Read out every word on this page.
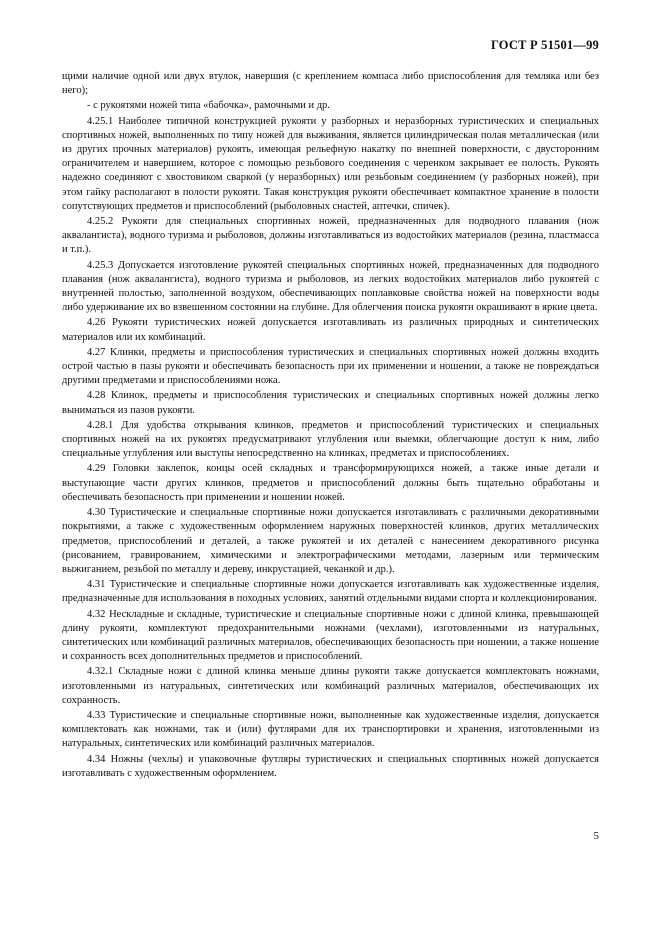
ГОСТ Р 51501—99

щими наличие одной или двух втулок, навершия (с креплением компаса либо приспособления для темляка или без него);

- с рукоятями ножей типа «бабочка», рамочными и др.

4.25.1 Наиболее типичной конструкцией рукояти у разборных и неразборных туристических и специальных спортивных ножей, выполненных по типу ножей для выживания, является цилиндрическая полая металлическая (или из других прочных материалов) рукоять, имеющая рельефную накатку по внешней поверхности, с двусторонним ограничителем и навершием, которое с помощью резьбового соединения с черенком закрывает ее полость. Рукоять надежно соединяют с хвостовиком сваркой (у неразборных) или резьбовым соединением (у разборных ножей), при этом гайку располагают в полости рукояти. Такая конструкция рукояти обеспечивает компактное хранение в полости сопутствующих предметов и приспособлений (рыболовных снастей, аптечки, спичек).

4.25.2 Рукояти для специальных спортивных ножей, предназначенных для подводного плавания (нож аквалангиста), водного туризма и рыболовов, должны изготавливаться из водостойких материалов (резина, пластмасса и т.п.).

4.25.3 Допускается изготовление рукоятей специальных спортивных ножей, предназначенных для подводного плавания (нож аквалангиста), водного туризма и рыболовов, из легких водостойких материалов либо рукоятей с внутренней полостью, заполненной воздухом, обеспечивающих поплавковые свойства ножей на поверхности воды либо удерживание их во взвешенном состоянии на глубине. Для облегчения поиска рукояти окрашивают в яркие цвета.

4.26 Рукояти туристических ножей допускается изготавливать из различных природных и синтетических материалов или их комбинаций.

4.27 Клинки, предметы и приспособления туристических и специальных спортивных ножей должны входить острой частью в пазы рукояти и обеспечивать безопасность при их применении и ношении, а также не повреждаться другими предметами и приспособлениями ножа.

4.28 Клинок, предметы и приспособления туристических и специальных спортивных ножей должны легко выниматься из пазов рукояти.

4.28.1 Для удобства открывания клинков, предметов и приспособлений туристических и специальных спортивных ножей на их рукоятях предусматривают углубления или выемки, облегчающие доступ к ним, либо специальные углубления или выступы непосредственно на клинках, предметах и приспособлениях.

4.29 Головки заклепок, концы осей складных и трансформирующихся ножей, а также иные детали и выступающие части других клинков, предметов и приспособлений должны быть тщательно обработаны и обеспечивать безопасность при применении и ношении ножей.

4.30 Туристические и специальные спортивные ножи допускается изготавливать с различными декоративными покрытиями, а также с художественным оформлением наружных поверхностей клинков, других металлических предметов, приспособлений и деталей, а также рукоятей и их деталей с нанесением декоративного рисунка (рисованием, гравированием, химическими и электрографическими методами, лазерным или термическим выжиганием, резьбой по металлу и дереву, инкрустацией, чеканкой и др.).

4.31 Туристические и специальные спортивные ножи допускается изготавливать как художественные изделия, предназначенные для использования в походных условиях, занятий отдельными видами спорта и коллекционирования.

4.32 Нескладные и складные, туристические и специальные спортивные ножи с длиной клинка, превышающей длину рукояти, комплектуют предохранительными ножнами (чехлами), изготовленными из натуральных, синтетических или комбинаций различных материалов, обеспечивающих безопасность при ношении, а также ношение и сохранность всех дополнительных предметов и приспособлений.

4.32.1 Складные ножи с длиной клинка меньше длины рукояти также допускается комплектовать ножнами, изготовленными из натуральных, синтетических или комбинаций различных материалов, обеспечивающих их сохранность.

4.33 Туристические и специальные спортивные ножи, выполненные как художественные изделия, допускается комплектовать как ножнами, так и (или) футлярами для их транспортировки и хранения, изготовленными из натуральных, синтетических или комбинаций различных материалов.

4.34 Ножны (чехлы) и упаковочные футляры туристических и специальных спортивных ножей допускается изготавливать с художественным оформлением.

5
